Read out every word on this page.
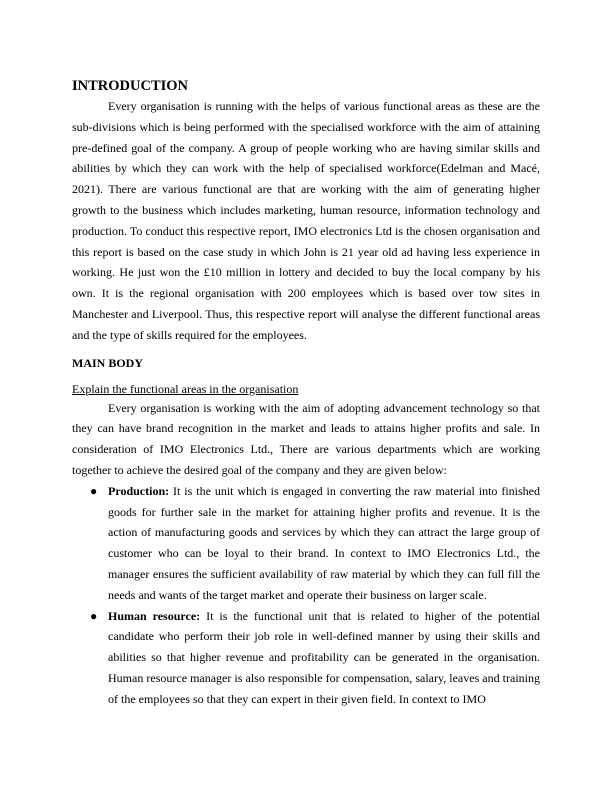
INTRODUCTION

Every organisation is running with the helps of various functional areas as these are the sub-divisions which is being performed with the specialised workforce with the aim of attaining pre-defined goal of the company. A group of people working who are having similar skills and abilities by which they can work with the help of specialised workforce(Edelman and Macé, 2021). There are various functional are that are working with the aim of generating higher growth to the business which includes marketing, human resource, information technology and production. To conduct this respective report, IMO electronics Ltd is the chosen organisation and this report is based on the case study in which John is 21 year old ad having less experience in working. He just won the £10 million in lottery and decided to buy the local company by his own. It is the regional organisation with 200 employees which is based over tow sites in Manchester and Liverpool. Thus, this respective report will analyse the different functional areas and the type of skills required for the employees.

MAIN BODY
Explain the functional areas in the organisation

Every organisation is working with the aim of adopting advancement technology so that they can have brand recognition in the market and leads to attains higher profits and sale. In consideration of IMO Electronics Ltd., There are various departments which are working together to achieve the desired goal of the company and they are given below:

● Production: It is the unit which is engaged in converting the raw material into finished goods for further sale in the market for attaining higher profits and revenue. It is the action of manufacturing goods and services by which they can attract the large group of customer who can be loyal to their brand. In context to IMO Electronics Ltd., the manager ensures the sufficient availability of raw material by which they can full fill the needs and wants of the target market and operate their business on larger scale.
● Human resource: It is the functional unit that is related to higher of the potential candidate who perform their job role in well-defined manner by using their skills and abilities so that higher revenue and profitability can be generated in the organisation. Human resource manager is also responsible for compensation, salary, leaves and training of the employees so that they can expert in their given field. In context to IMO
